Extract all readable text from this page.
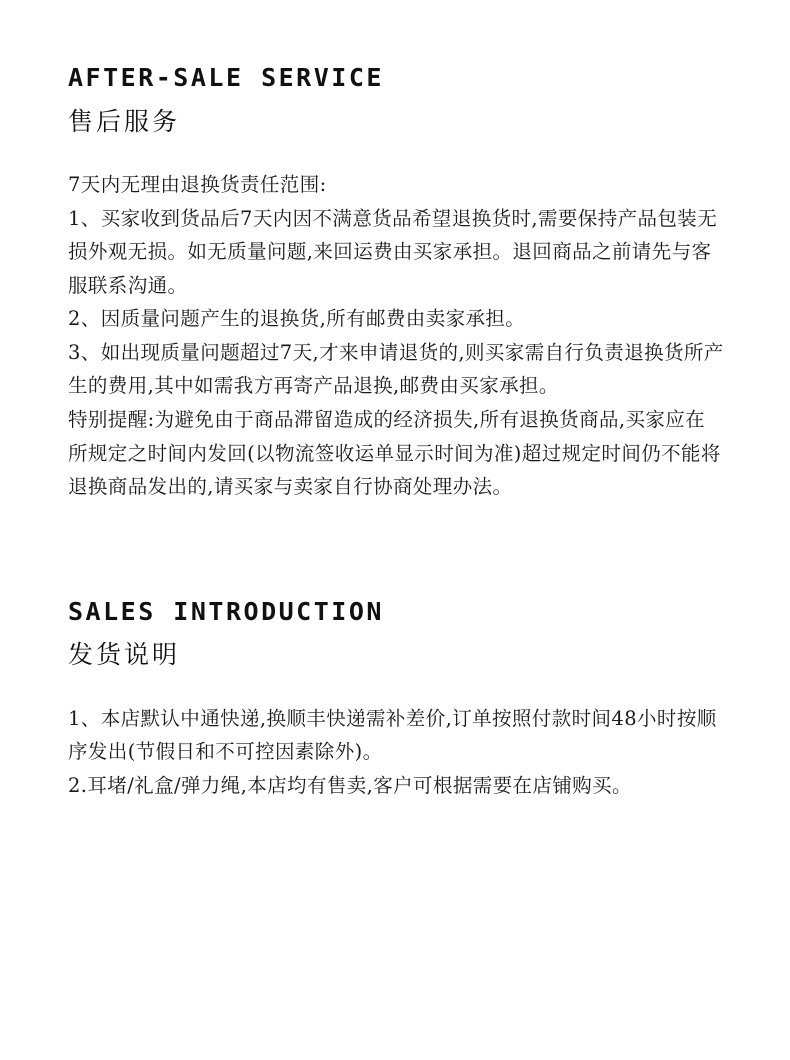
AFTER-SALE SERVICE
售后服务

7天内无理由退换货责任范围:

1、买家收到货品后7天内因不满意货品希望退换货时,需要保持产品包装无损外观无损。如无质量问题,来回运费由买家承担。退回商品之前请先与客服联系沟通。

2、因质量问题产生的退换货,所有邮费由卖家承担。

3、如出现质量问题超过7天,才来申请退货的,则买家需自行负责退换货所产生的费用,其中如需我方再寄产品退换,邮费由买家承担。

特别提醒:为避免由于商品滞留造成的经济损失,所有退换货商品,买家应在所规定之时间内发回(以物流签收运单显示时间为准)超过规定时间仍不能将退换商品发出的,请买家与卖家自行协商处理办法。

SALES INTRODUCTION
发货说明

1、本店默认中通快递,换顺丰快递需补差价,订单按照付款时间48小时按顺序发出(节假日和不可控因素除外)。

2.耳堵/礼盒/弹力绳,本店均有售卖,客户可根据需要在店铺购买。
